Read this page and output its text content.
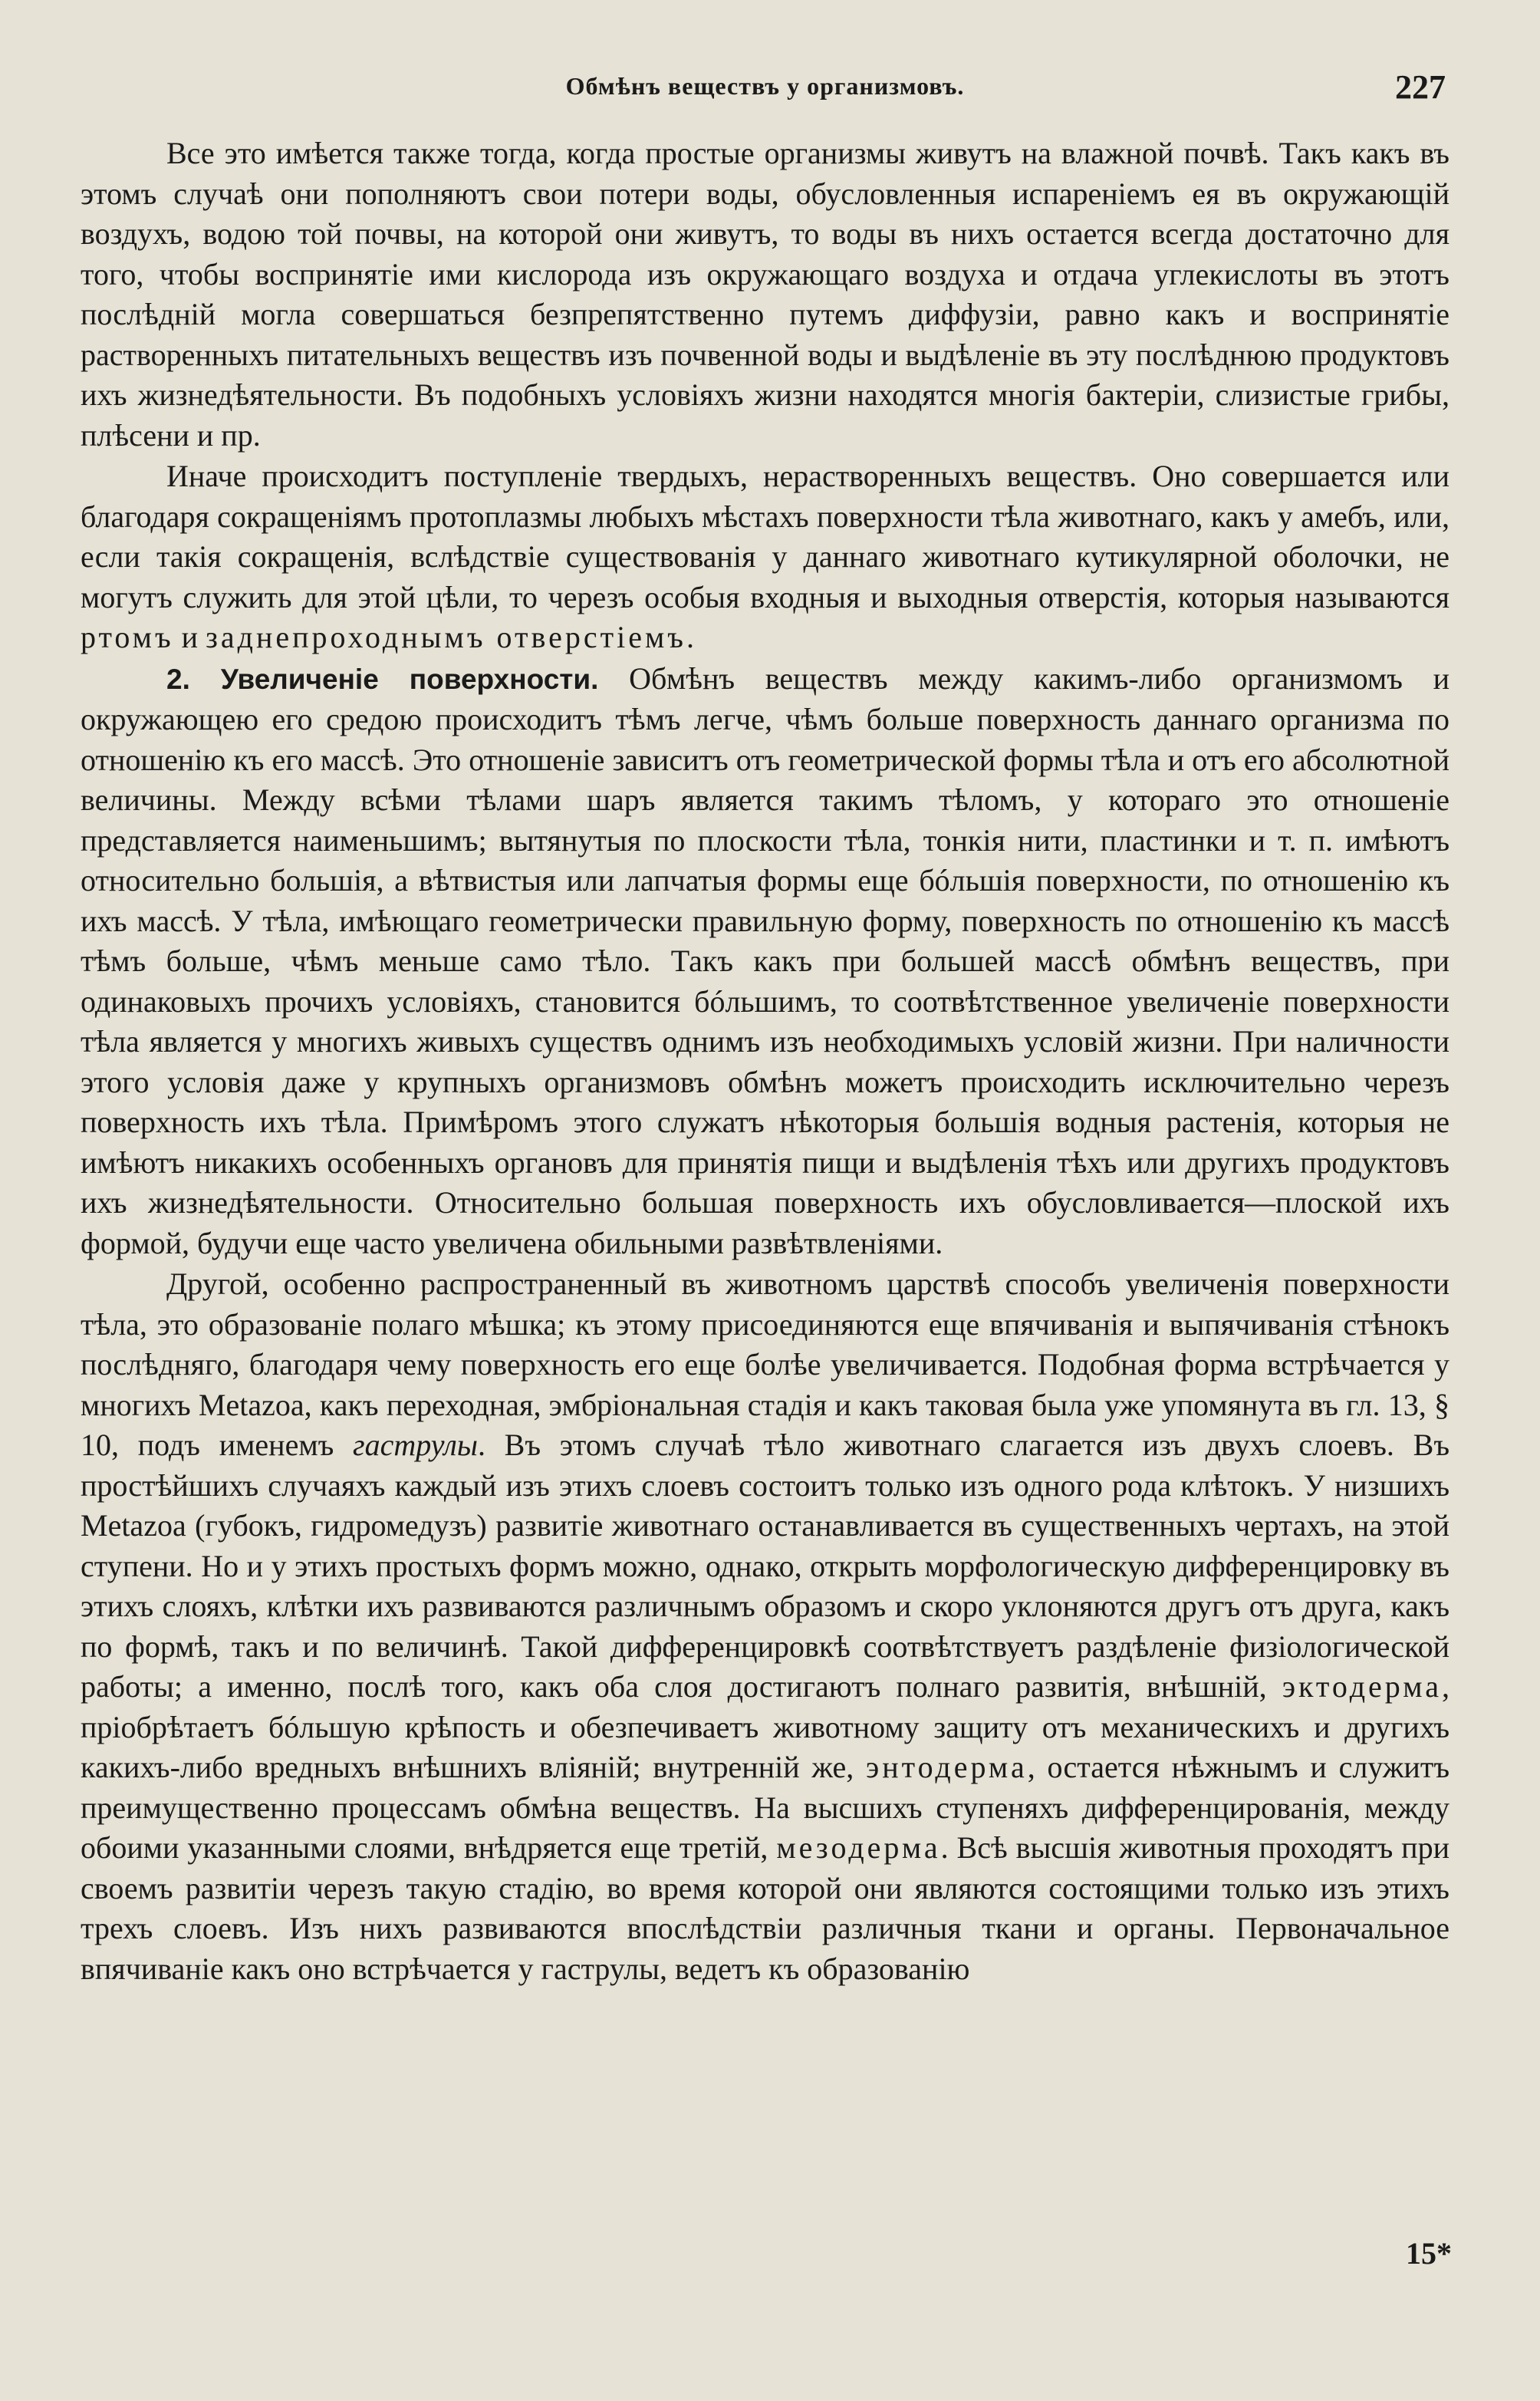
Обмѣнъ веществъ у организмовъ.	227

Все это имѣется также тогда, когда простые организмы живутъ на влажной почвѣ. Такъ какъ въ этомъ случаѣ они пополняютъ свои потери воды, обусловленныя испареніемъ ея въ окружающій воздухъ, водою той почвы, на которой они живутъ, то воды въ нихъ остается всегда достаточно для того, чтобы воспринятіе ими кислорода изъ окружающаго воздуха и отдача углекислоты въ этотъ послѣдній могла совершаться безпрепятственно путемъ диффузіи, равно какъ и воспринятіе растворенныхъ питательныхъ веществъ изъ почвенной воды и выдѣленіе въ эту послѣднюю продуктовъ ихъ жизнедѣятельности. Въ подобныхъ условіяхъ жизни находятся многія бактеріи, слизистые грибы, плѣсени и пр.

Иначе происходитъ поступленіе твердыхъ, нерастворенныхъ веществъ. Оно совершается или благодаря сокращеніямъ протоплазмы любыхъ мѣстахъ поверхности тѣла животнаго, какъ у амебъ, или, если такія сокращенія, вслѣдствіе существованія у даннаго животнаго кутикулярной оболочки, не могутъ служить для этой цѣли, то черезъ особыя входныя и выходныя отверстія, которыя называются ртомъ и заднепроходнымъ отверстіемъ.

2. Увеличеніе поверхности. Обмѣнъ веществъ между какимъ-либо организмомъ и окружающею его средою происходитъ тѣмъ легче, чѣмъ больше поверхность даннаго организма по отношенію къ его массѣ. Это отношеніе зависитъ отъ геометрической формы тѣла и отъ его абсолютной величины. Между всѣми тѣлами шаръ является такимъ тѣломъ, у котораго это отношеніе представляется наименьшимъ; вытянутыя по плоскости тѣла, тонкія нити, пластинки и т. п. имѣютъ относительно большія, а вѣтвистыя или лапчатыя формы еще бóльшія поверхности, по отношенію къ ихъ массѣ. У тѣла, имѣющаго геометрически правильную форму, поверхность по отношенію къ массѣ тѣмъ больше, чѣмъ меньше само тѣло. Такъ какъ при большей массѣ обмѣнъ веществъ, при одинаковыхъ прочихъ условіяхъ, становится бóльшимъ, то соотвѣтственное увеличеніе поверхности тѣла является у многихъ живыхъ существъ однимъ изъ необходимыхъ условій жизни. При наличности этого условія даже у крупныхъ организмовъ обмѣнъ можетъ происходить исключительно черезъ поверхность ихъ тѣла. Примѣромъ этого служатъ нѣкоторыя большія водныя растенія, которыя не имѣютъ никакихъ особенныхъ органовъ для принятія пищи и выдѣленія тѣхъ или другихъ продуктовъ ихъ жизнедѣятельности. Относительно большая поверхность ихъ обусловливается—плоской ихъ формой, будучи еще часто увеличена обильными развѣтвленіями.

Другой, особенно распространенный въ животномъ царствѣ способъ увеличенія поверхности тѣла, это образованіе полаго мѣшка; къ этому присоединяются еще впячиванія и выпячиванія стѣнокъ послѣдняго, благодаря чему поверхность его еще болѣе увеличивается. Подобная форма встрѣчается у многихъ Metazoa, какъ переходная, эмбріональная стадія и какъ таковая была уже упомянута въ гл. 13, § 10, подъ именемъ гаструлы. Въ этомъ случаѣ тѣло животнаго слагается изъ двухъ слоевъ. Въ простѣйшихъ случаяхъ каждый изъ этихъ слоевъ состоитъ только изъ одного рода клѣтокъ. У низшихъ Metazoa (губокъ, гидромедузъ) развитіе животнаго останавливается въ существенныхъ чертахъ, на этой ступени. Но и у этихъ простыхъ формъ можно, однако, открыть морфологическую дифференцировку въ этихъ слояхъ, клѣтки ихъ развиваются различнымъ образомъ и скоро уклоняются другъ отъ друга, какъ по формѣ, такъ и по величинѣ. Такой дифференцировкѣ соотвѣтствуетъ раздѣленіе физіологической работы; а именно, послѣ того, какъ оба слоя достигаютъ полнаго развитія, внѣшній, эктодерма, пріобрѣтаетъ бóльшую крѣпость и обезпечиваетъ животному защиту отъ механическихъ и другихъ какихъ-либо вредныхъ внѣшнихъ вліяній; внутренній же, энтодерма, остается нѣжнымъ и служитъ преимущественно процессамъ обмѣна веществъ. На высшихъ ступеняхъ дифференцированія, между обоими указанными слоями, внѣдряется еще третій, мезодерма. Всѣ высшія животныя проходятъ при своемъ развитіи черезъ такую стадію, во время которой они являются состоящими только изъ этихъ трехъ слоевъ. Изъ нихъ развиваются впослѣдствіи различныя ткани и органы. Первоначальное впячиваніе какъ оно встрѣчается у гаструлы, ведетъ къ образованію

15*
